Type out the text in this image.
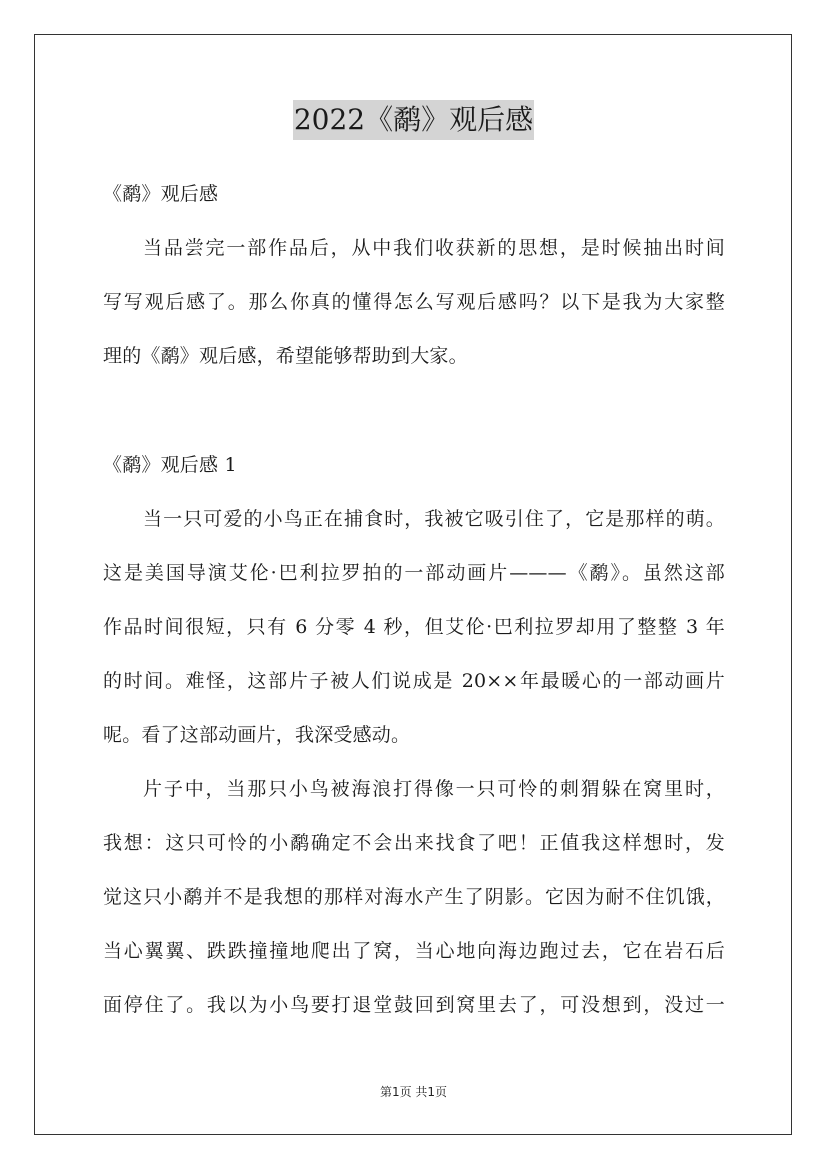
2022《鹬》观后感
《鹬》观后感
当品尝完一部作品后，从中我们收获新的思想，是时候抽出时间
写写观后感了。那么你真的懂得怎么写观后感吗？以下是我为大家整
理的《鹬》观后感，希望能够帮助到大家。
《鹬》观后感 1
当一只可爱的小鸟正在捕食时，我被它吸引住了，它是那样的萌。
这是美国导演艾伦·巴利拉罗拍的一部动画片———《鹬》。虽然这部
作品时间很短，只有 6 分零 4 秒，但艾伦·巴利拉罗却用了整整 3 年
的时间。难怪，这部片子被人们说成是 20××年最暖心的一部动画片
呢。看了这部动画片，我深受感动。
片子中，当那只小鸟被海浪打得像一只可怜的刺猬躲在窝里时，
我想：这只可怜的小鹬确定不会出来找食了吧！正值我这样想时，发
觉这只小鹬并不是我想的那样对海水产生了阴影。它因为耐不住饥饿，
当心翼翼、跌跌撞撞地爬出了窝，当心地向海边跑过去，它在岩石后
面停住了。我以为小鸟要打退堂鼓回到窝里去了，可没想到，没过一
第1页 共1页
